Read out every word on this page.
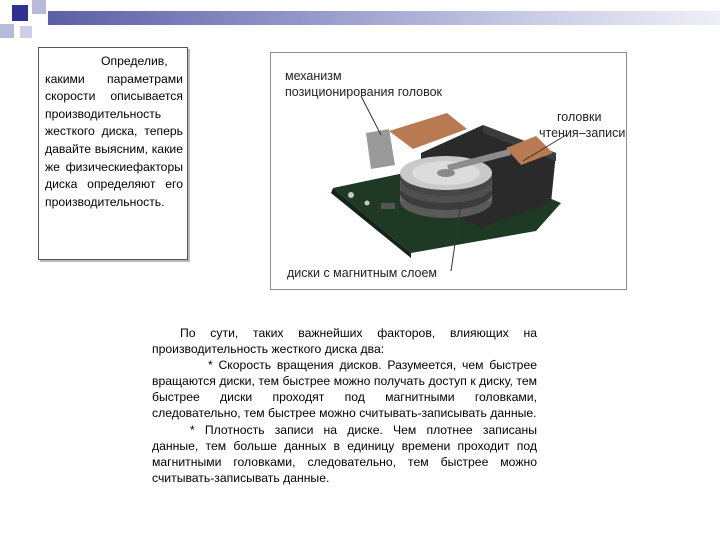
Определив, какими параметрами скорости описывается производительность жесткого диска, теперь давайте выясним, какие же физическиефакторы диска определяют его производительность.

механизм
позиционирования головок
головки
чтения–записи
диски с магнитным слоем

По сути, таких важнейших факторов, влияющих на производительность жесткого диска два:

* Скорость вращения дисков. Разумеется, чем быстрее вращаются диски, тем быстрее можно получать доступ к диску, тем быстрее диски проходят под магнитными головками, следовательно, тем быстрее можно считывать-записывать данные.

* Плотность записи на диске. Чем плотнее записаны данные, тем больше данных в единицу времени проходит под магнитными головками, следовательно, тем быстрее можно считывать-записывать данные.
